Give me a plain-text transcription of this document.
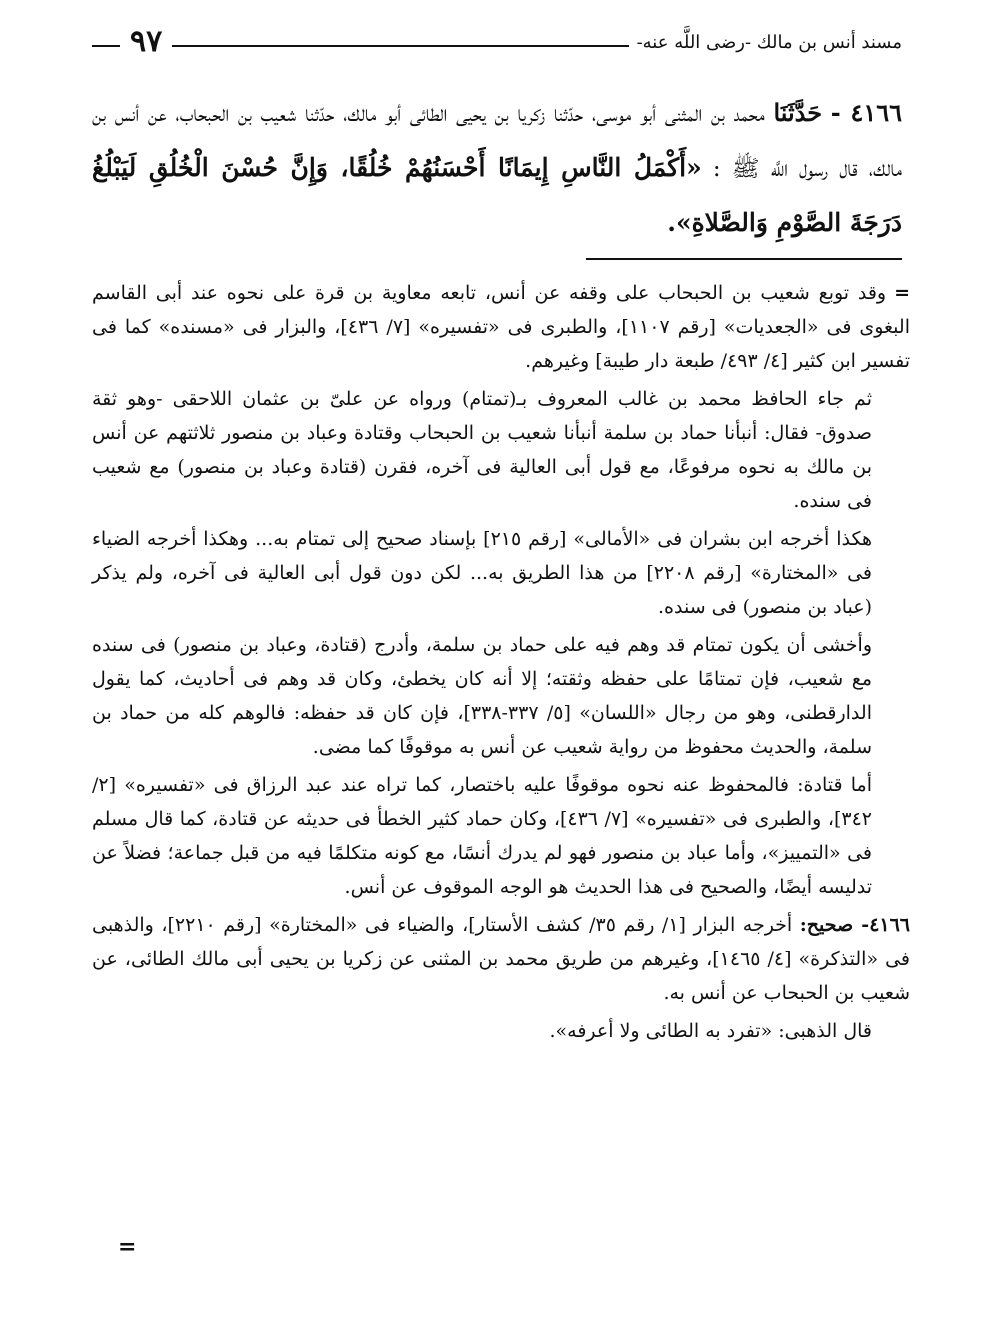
مسند أنس بن مالك -رضى اللَّه عنه-
٩٧
٤١٦٦ - حَدَّثَنَا محمد بن المثنى أبو موسى، حدّثنا زكريا بن يحيى الطائى أبو مالك، حدّثنا شعيب بن الحبحاب، عن أنس بن مالك، قال رسول اللَّه ﷺ : «أَكْمَلُ النَّاسِ إِيمَانًا أَحْسَنُهُمْ خُلُقًا، وَإِنَّ حُسْنَ الْخُلُقِ لَيَبْلُغُ دَرَجَةَ الصَّوْمِ وَالصَّلاةِ».

=وقد توبع شعيب بن الحبحاب على وقفه عن أنس، تابعه معاوية بن قرة على نحوه عند أبى القاسم البغوى فى «الجعديات» [رقم ١١٠٧]، والطبرى فى «تفسيره» [٧/ ٤٣٦]، والبزار فى «مسنده» كما فى تفسير ابن كثير [٤/ ٤٩٣/ طبعة دار طيبة] وغيرهم.

ثم جاء الحافظ محمد بن غالب المعروف بـ(تمتام) ورواه عن علىّ بن عثمان اللاحقى -وهو ثقة صدوق- فقال: أنبأنا حماد بن سلمة أنبأنا شعيب بن الحبحاب وقتادة وعباد بن منصور ثلاثتهم عن أنس بن مالك به نحوه مرفوعًا، مع قول أبى العالية فى آخره، فقرن (قتادة وعباد بن منصور) مع شعيب فى سنده.

هكذا أخرجه ابن بشران فى «الأمالى» [رقم ٢١٥] بإسناد صحيح إلى تمتام به... وهكذا أخرجه الضياء فى «المختارة» [رقم ٢٢٠٨] من هذا الطريق به... لكن دون قول أبى العالية فى آخره، ولم يذكر (عباد بن منصور) فى سنده.

وأخشى أن يكون تمتام قد وهم فيه على حماد بن سلمة، وأدرج (قتادة، وعباد بن منصور) فى سنده مع شعيب، فإن تمتامًا على حفظه وثقته؛ إلا أنه كان يخطئ، وكان قد وهم فى أحاديث، كما يقول الدارقطنى، وهو من رجال «اللسان» [٥/ ٣٣٧-٣٣٨]، فإن كان قد حفظه: فالوهم كله من حماد بن سلمة، والحديث محفوظ من رواية شعيب عن أنس به موقوفًا كما مضى.

أما قتادة: فالمحفوظ عنه نحوه موقوفًا عليه باختصار، كما تراه عند عبد الرزاق فى «تفسيره» [٢/ ٣٤٢]، والطبرى فى «تفسيره» [٧/ ٤٣٦]، وكان حماد كثير الخطأ فى حديثه عن قتادة، كما قال مسلم فى «التمييز»، وأما عباد بن منصور فهو لم يدرك أنسًا، مع كونه متكلمًا فيه من قبل جماعة؛ فضلاً عن تدليسه أيضًا، والصحيح فى هذا الحديث هو الوجه الموقوف عن أنس.

٤١٦٦- صحيح: أخرجه البزار [١/ رقم ٣٥/ كشف الأستار]، والضياء فى «المختارة» [رقم ٢٢١٠]، والذهبى فى «التذكرة» [٤/ ١٤٦٥]، وغيرهم من طريق محمد بن المثنى عن زكريا بن يحيى أبى مالك الطائى، عن شعيب بن الحبحاب عن أنس به.

قال الذهبى: «تفرد به الطائى ولا أعرفه».

=
